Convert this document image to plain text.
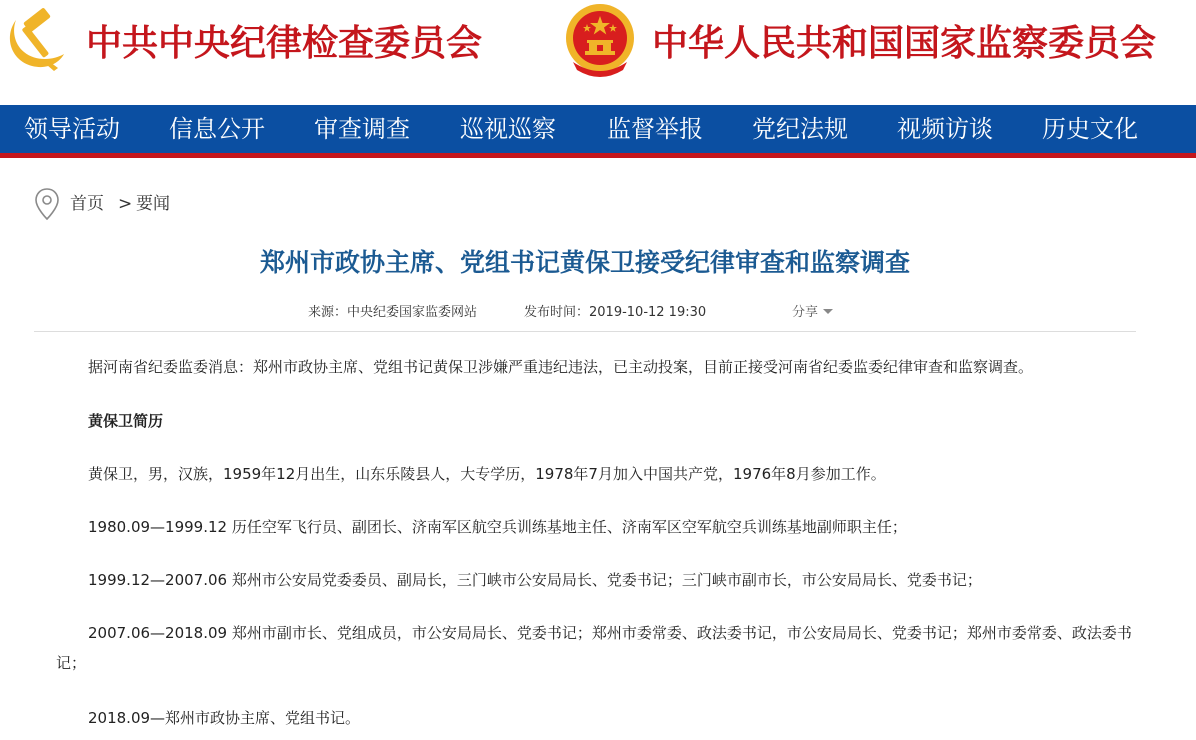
中共中央纪律检查委员会	中华人民共和国国家监察委员会
领导活动 信息公开 审查调查 巡视巡察 监督举报 党纪法规 视频访谈 历史文化
首页 > 要闻
郑州市政协主席、党组书记黄保卫接受纪律审查和监察调查
来源：中央纪委国家监委网站	发布时间：2019-10-12 19:30	分享

据河南省纪委监委消息：郑州市政协主席、党组书记黄保卫涉嫌严重违纪违法，已主动投案，目前正接受河南省纪委监委纪律审查和监察调查。

黄保卫简历

黄保卫，男，汉族，1959年12月出生，山东乐陵县人，大专学历，1978年7月加入中国共产党，1976年8月参加工作。

1980.09—1999.12 历任空军飞行员、副团长、济南军区航空兵训练基地主任、济南军区空军航空兵训练基地副师职主任；

1999.12—2007.06 郑州市公安局党委委员、副局长，三门峡市公安局局长、党委书记；三门峡市副市长，市公安局局长、党委书记；

2007.06—2018.09 郑州市副市长、党组成员，市公安局局长、党委书记；郑州市委常委、政法委书记，市公安局局长、党委书记；郑州市委常委、政法委书记；

2018.09—郑州市政协主席、党组书记。
